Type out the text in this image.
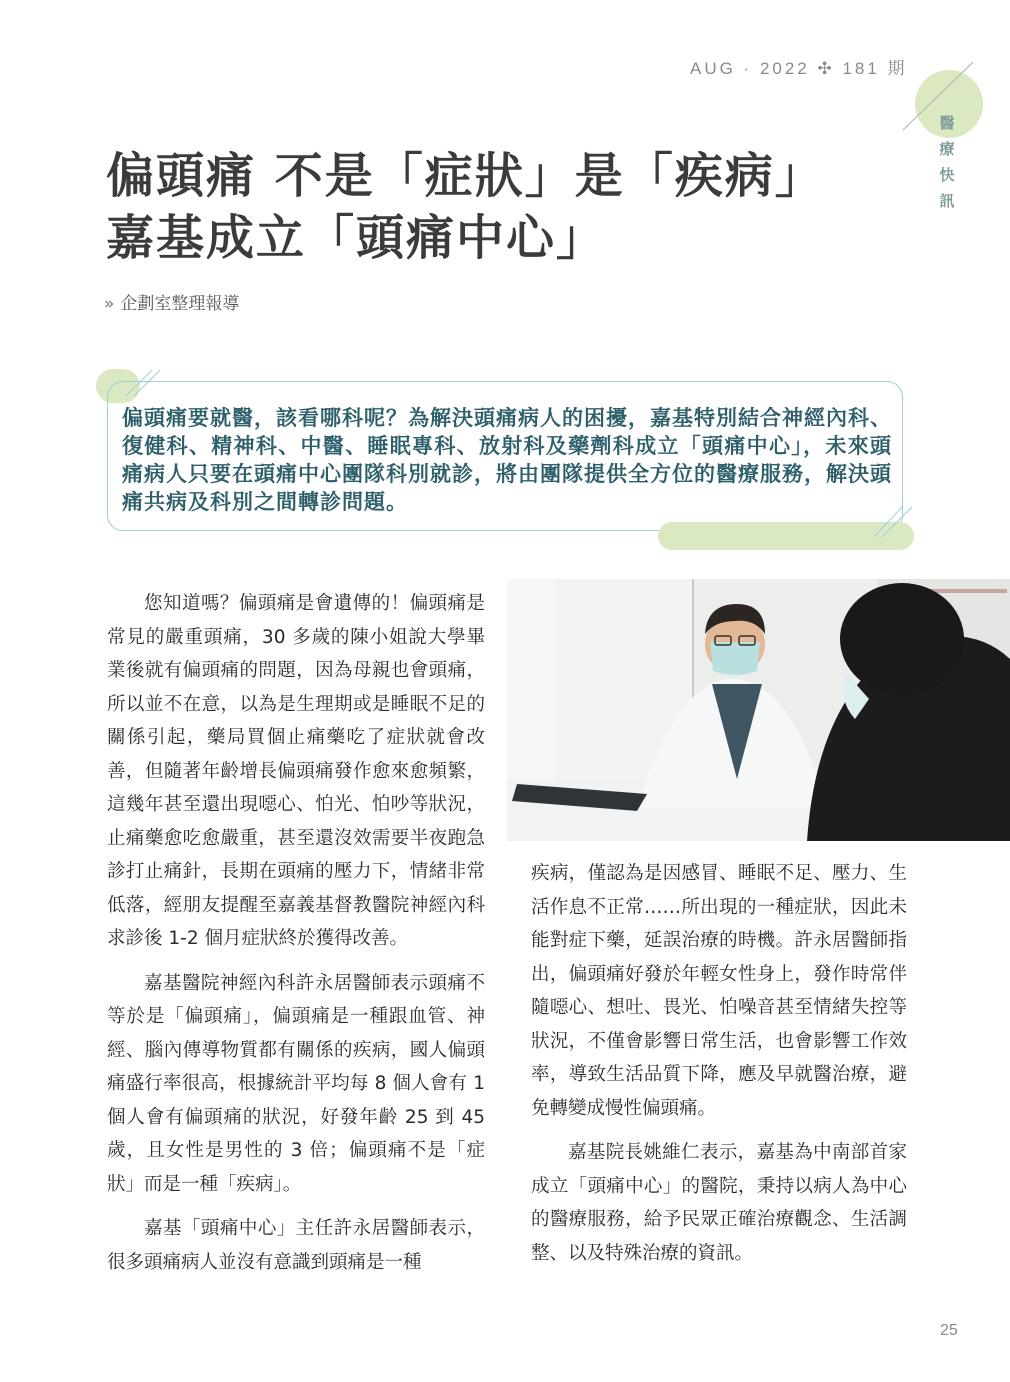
AUG · 2022 ✣ 181 期
醫療快訊
偏頭痛 不是「症狀」是「疾病」
嘉基成立「頭痛中心」
» 企劃室整理報導

偏頭痛要就醫，該看哪科呢？為解決頭痛病人的困擾，嘉基特別結合神經內科、復健科、精神科、中醫、睡眠專科、放射科及藥劑科成立「頭痛中心」，未來頭痛病人只要在頭痛中心團隊科別就診，將由團隊提供全方位的醫療服務，解決頭痛共病及科別之間轉診問題。

您知道嗎？偏頭痛是會遺傳的！偏頭痛是常見的嚴重頭痛，30 多歲的陳小姐說大學畢業後就有偏頭痛的問題，因為母親也會頭痛，所以並不在意，以為是生理期或是睡眠不足的關係引起，藥局買個止痛藥吃了症狀就會改善，但隨著年齡增長偏頭痛發作愈來愈頻繁，這幾年甚至還出現噁心、怕光、怕吵等狀況，止痛藥愈吃愈嚴重，甚至還沒效需要半夜跑急診打止痛針，長期在頭痛的壓力下，情緒非常低落，經朋友提醒至嘉義基督教醫院神經內科求診後 1-2 個月症狀終於獲得改善。

嘉基醫院神經內科許永居醫師表示頭痛不等於是「偏頭痛」，偏頭痛是一種跟血管、神經、腦內傳導物質都有關係的疾病，國人偏頭痛盛行率很高，根據統計平均每 8 個人會有 1 個人會有偏頭痛的狀況，好發年齡 25 到 45 歲，且女性是男性的 3 倍；偏頭痛不是「症狀」而是一種「疾病」。

嘉基「頭痛中心」主任許永居醫師表示，很多頭痛病人並沒有意識到頭痛是一種

疾病，僅認為是因感冒、睡眠不足、壓力、生活作息不正常……所出現的一種症狀，因此未能對症下藥，延誤治療的時機。許永居醫師指出，偏頭痛好發於年輕女性身上，發作時常伴隨噁心、想吐、畏光、怕噪音甚至情緒失控等狀況，不僅會影響日常生活，也會影響工作效率，導致生活品質下降，應及早就醫治療，避免轉變成慢性偏頭痛。

嘉基院長姚維仁表示，嘉基為中南部首家成立「頭痛中心」的醫院，秉持以病人為中心的醫療服務，給予民眾正確治療觀念、生活調整、以及特殊治療的資訊。

25
